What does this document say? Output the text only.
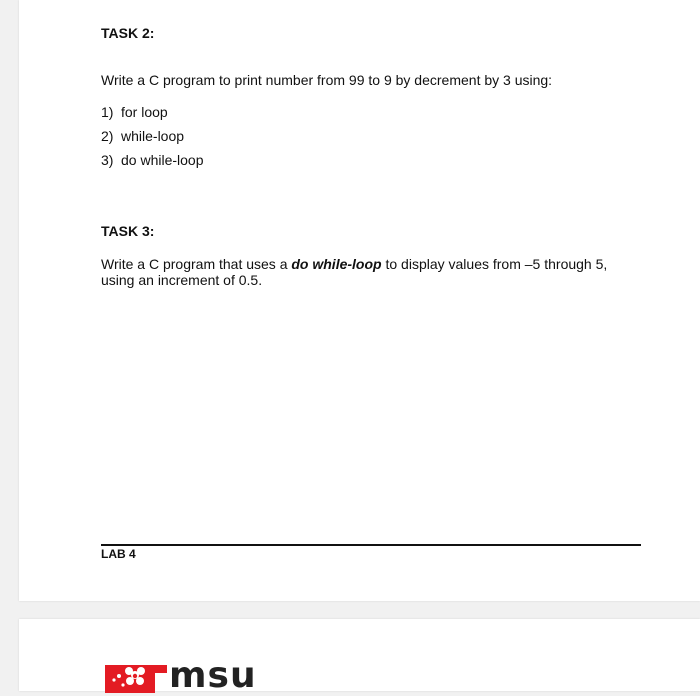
TASK 2:
Write a C program to print number from 99 to 9 by decrement by 3 using:
1) for loop
2) while-loop
3) do while-loop
TASK 3:
Write a C program that uses a do while-loop to display values from –5 through 5, using an increment of 0.5.
LAB 4
msu
